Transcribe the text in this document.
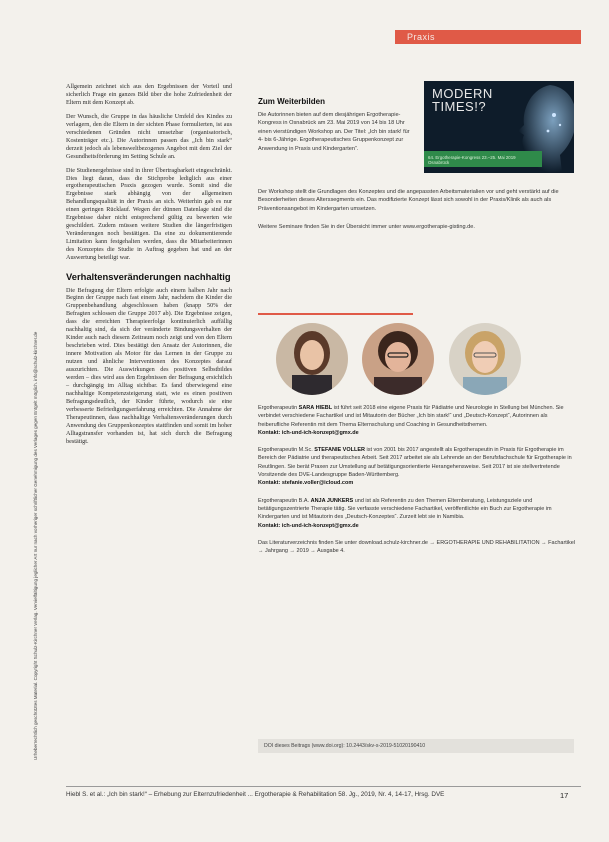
Praxis
Urheberrechtlich geschütztes Material. Copyright Schulz-Kirchner Verlag. Vervielfältigung jeglicher Art nur nach vorheriger schriftlicher Genehmigung des Verlages gegen Entgelt möglich. info@schulz-kirchner.de

Allgemein zeichnet sich aus den Ergebnissen der Vorteil und sicherlich Frage ein ganzes Bild über die hohe Zufriedenheit der Eltern mit dem Konzept ab.

Der Wunsch, die Gruppe in das häusliche Umfeld des Kindes zu verlagern, den die Eltern in der sichten Phase formulierten, ist aus verschiedenen Gründen nicht umsetzbar (organisatorisch, Kostenträger etc.). Die Autorinnen passen das „Ich bin stark“ derzeit jedoch als lebensweltbezogenes Angebot mit dem Ziel der Gesundheitsförderung im Setting Schule an.

Die Studienergebnisse sind in ihrer Übertragbarkeit eingeschränkt. Dies liegt daran, dass die Stichprobe lediglich aus einer ergotherapeutischen Praxis gezogen wurde. Somit sind die Ergebnisse stark abhängig von der allgemeinen Behandlungsqualität in der Praxis an sich. Weiterhin gab es nur einen geringen Rücklauf. Wegen der dünnen Datenlage sind die Ergebnisse daher nicht entsprechend gültig zu bewerten wie geschildert. Zudem müssen weitere Studien die längerfristigen Veränderungen noch bestätigen. Da eine zu dokumentierende Limitation kann festgehalten werden, dass die Mitarbeiterinnen des Konzeptes die Studie in Auftrag gegeben hat und an der Auswertung beteiligt war.

Verhaltensveränderungen nachhaltig

Die Befragung der Eltern erfolgte auch einem halben Jahr nach Beginn der Gruppe nach fast einem Jahr, nachdem die Kinder die Gruppenbehandlung abgeschlossen haben (knapp 50% der Befragten schlossen die Gruppe 2017 ab). Die Ergebnisse zeigen, dass die erreichten Therapieerfolge kontinuierlich auffällig nachhaltig sind, da sich der veränderte Bindungsverhalten der Kinder auch nach diesem Zeitraum noch zeigt und von den Eltern beschrieben wird. Dies bestätigt den Ansatz der Autorinnen, die innere Motivation als Motor für das Lernen in der Gruppe zu nutzen und ähnliche Interventionen des Konzeptes darauf auszurichten. Die Auswirkungen des positiven Selbstbildes werden – dies wird aus den Ergebnissen der Befragung ersichtlich – durchgängig im Alltag sichtbar. Es fand überwiegend eine nachhaltige Kompetenzsteigerung statt, wie es einen positiven Befragungsdeutlich, der Kinder führte, wodurch sie eine verbesserte Befriedigungserfahrung erreichten. Die Annahme der Therapeutinnen, dass nachhaltige Verhaltensveränderungen durch Anwendung des Gruppenkonzeptes stattfinden und somit im hoher Alltagstransfer vorhanden ist, hat sich durch die Befragung bestätigt.

Zum Weiterbilden
Die Autorinnen bieten auf dem diesjährigen Ergotherapie-Kongress in Osnabrück am 23. Mai 2019 von 14 bis 18 Uhr einen vierstündigen Workshop an. Der Titel: „Ich bin stark! für 4- bis 6-Jährige. Ergotherapeutisches Gruppenkonzept zur Anwendung in Praxis und Kindergarten“.
Der Workshop stellt die Grundlagen des Konzeptes und die angepassten Arbeitsmaterialien vor und geht verstärkt auf die Besonderheiten dieses Alterssegments ein. Das modifizierte Konzept lässt sich sowohl in der Praxis/Klinik als auch als Präventionsangebot im Kindergarten umsetzen.
Weitere Seminare finden Sie in der Übersicht immer unter www.ergotherapie-gisting.de.
MODERN
TIMES!?
64. Ergotherapie-Kongress 23.–25. Mai 2019 Osnabrück

Ergotherapeutin SARA HIEBL ist führt seit 2018 eine eigene Praxis für Pädiatrie und Neurologie in Stellung bei München. Sie verbindet verschiedene Fachartikel und ist Mitautorin der Bücher „Ich bin stark!“ und „Deutsch-Konzept“, Autorinnen als freiberufliche Referentin mit dem Thema Elternschulung und Coaching in Gesundheitsthemen.
Kontakt: ich-und-ich-konzept@gmx.de

Ergotherapeutin M.Sc. STEFANIE VOLLER ist von 2001 bis 2017 angestellt als Ergotherapeutin in Praxis für Ergotherapie im Bereich der Pädiatrie und therapeutisches Arbeit. Seit 2017 arbeitet sie als Lehrende an der Berufsfachschule für Ergotherapie in Reutlingen. Sie berät Praxen zur Umstellung auf betätigungsorientierte Herangehensweise. Seit 2017 ist sie stellvertretende Vorsitzende des DVE-Landesgruppe Baden-Württemberg.
Kontakt: stefanie.voller@icloud.com

Ergotherapeutin B.A. ANJA JUNKERS und ist als Referentin zu den Themen Elternberatung, Leistungsziele und betätigungszentrierte Therapie tätig. Sie verfasste verschiedene Fachartikel, veröffentlichte ein Buch zur Ergotherapie im Kindergarten und ist Mitautorin des „Deutsch-Konzeptes“. Zurzeit lebt sie in Namibia.
Kontakt: ich-und-ich-konzept@gmx.de

Das Literaturverzeichnis finden Sie unter download.schulz-kirchner.de → ERGOTHERAPIE UND REHABILITATION → Fachartikel → Jahrgang → 2019 → Ausgabe 4.

DOI dieses Beitrags (www.doi.org): 10.2443/skv-s-2019-51020190410
Hiebl S. et al.: „Ich bin stark!“ – Erhebung zur Elternzufriedenheit ... Ergotherapie & Rehabilitation 58. Jg., 2019, Nr. 4, 14-17, Hrsg. DVE	17
